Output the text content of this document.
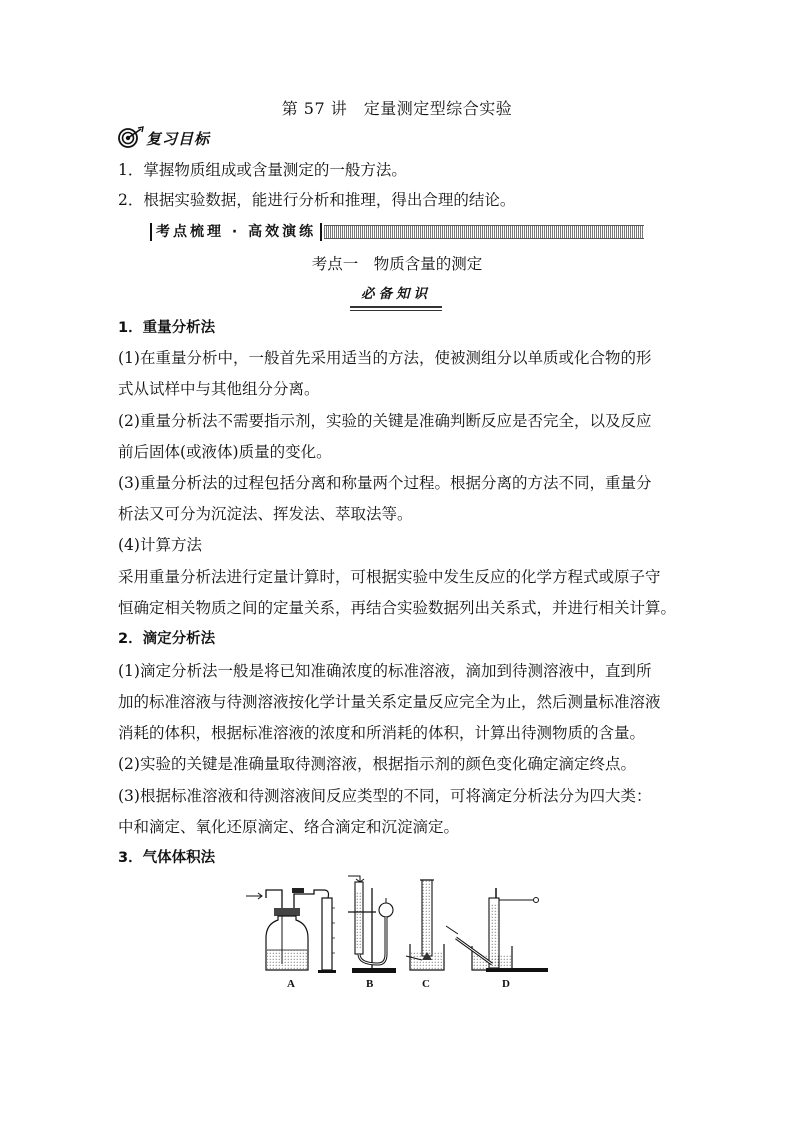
第 57 讲　定量测定型综合实验
复习目标
1．掌握物质组成或含量测定的一般方法。
2．根据实验数据，能进行分析和推理，得出合理的结论。
考点梳理 · 高效演练
考点一　物质含量的测定
必备知识
1．重量分析法
(1)在重量分析中，一般首先采用适当的方法，使被测组分以单质或化合物的形
式从试样中与其他组分分离。
(2)重量分析法不需要指示剂，实验的关键是准确判断反应是否完全，以及反应
前后固体(或液体)质量的变化。
(3)重量分析法的过程包括分离和称量两个过程。根据分离的方法不同，重量分
析法又可分为沉淀法、挥发法、萃取法等。
(4)计算方法
采用重量分析法进行定量计算时，可根据实验中发生反应的化学方程式或原子守
恒确定相关物质之间的定量关系，再结合实验数据列出关系式，并进行相关计算。
2．滴定分析法
(1)滴定分析法一般是将已知准确浓度的标准溶液，滴加到待测溶液中，直到所
加的标准溶液与待测溶液按化学计量关系定量反应完全为止，然后测量标准溶液
消耗的体积，根据标准溶液的浓度和所消耗的体积，计算出待测物质的含量。
(2)实验的关键是准确量取待测溶液，根据指示剂的颜色变化确定滴定终点。
(3)根据标准溶液和待测溶液间反应类型的不同，可将滴定分析法分为四大类：
中和滴定、氧化还原滴定、络合滴定和沉淀滴定。
3．气体体积法
A	B	C	D
